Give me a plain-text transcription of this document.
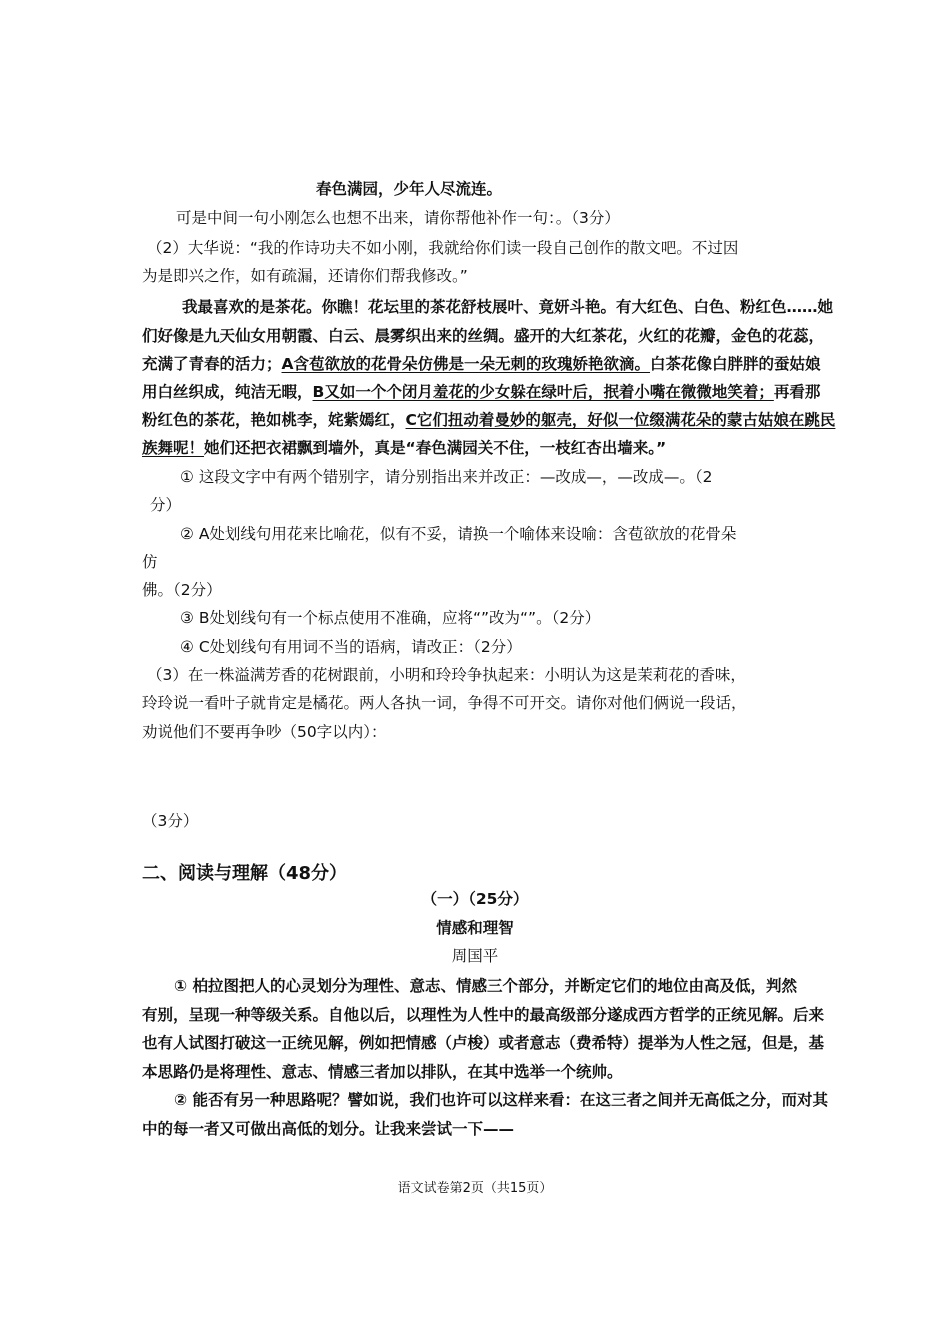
春色满园，少年人尽流连。
可是中间一句小刚怎么也想不出来，请你帮他补作一句：。（3分）
（2）大华说：“我的作诗功夫不如小刚，我就给你们读一段自己创作的散文吧。不过因
为是即兴之作，如有疏漏，还请你们帮我修改。”
我最喜欢的是茶花。你瞧！花坛里的茶花舒枝展叶、竟妍斗艳。有大红色、白色、粉红色……她
们好像是九天仙女用朝霞、白云、晨雾织出来的丝绸。盛开的大红茶花，火红的花瓣，金色的花蕊，
充满了青春的活力；A含苞欲放的花骨朵仿佛是一朵无刺的玫瑰娇艳欲滴。白茶花像白胖胖的蚕姑娘
用白丝织成，纯洁无暇，B又如一个个闭月羞花的少女躲在绿叶后，抿着小嘴在微微地笑着；再看那
粉红色的茶花，艳如桃李，姹紫嫣红，C它们扭动着曼妙的躯壳，好似一位缀满花朵的蒙古姑娘在跳民
族舞呢！她们还把衣裙飘到墙外，真是“春色满园关不住，一枝红杏出墙来。”
① 这段文字中有两个错别字，请分别指出来并改正：—改成—，—改成—。（2
分）
② A处划线句用花来比喻花，似有不妥，请换一个喻体来设喻：含苞欲放的花骨朵
仿
佛。（2分）
③ B处划线句有一个标点使用不准确，应将“”改为“”。（2分）
④ C处划线句有用词不当的语病，请改正：（2分）
（3）在一株溢满芳香的花树跟前，小明和玲玲争执起来：小明认为这是茉莉花的香味，
玲玲说一看叶子就肯定是橘花。两人各执一词，争得不可开交。请你对他们俩说一段话，
劝说他们不要再争吵（50字以内）：
（3分）
二、阅读与理解（48分）
（一）（25分）
情感和理智
周国平
① 柏拉图把人的心灵划分为理性、意志、情感三个部分，并断定它们的地位由高及低，判然
有别，呈现一种等级关系。自他以后，以理性为人性中的最高级部分遂成西方哲学的正统见解。后来
也有人试图打破这一正统见解，例如把情感（卢梭）或者意志（费希特）提举为人性之冠，但是，基
本思路仍是将理性、意志、情感三者加以排队，在其中选举一个统帅。
② 能否有另一种思路呢？譬如说，我们也许可以这样来看：在这三者之间并无高低之分，而对其
中的每一者又可做出高低的划分。让我来尝试一下——
语文试卷第2页（共15页）
